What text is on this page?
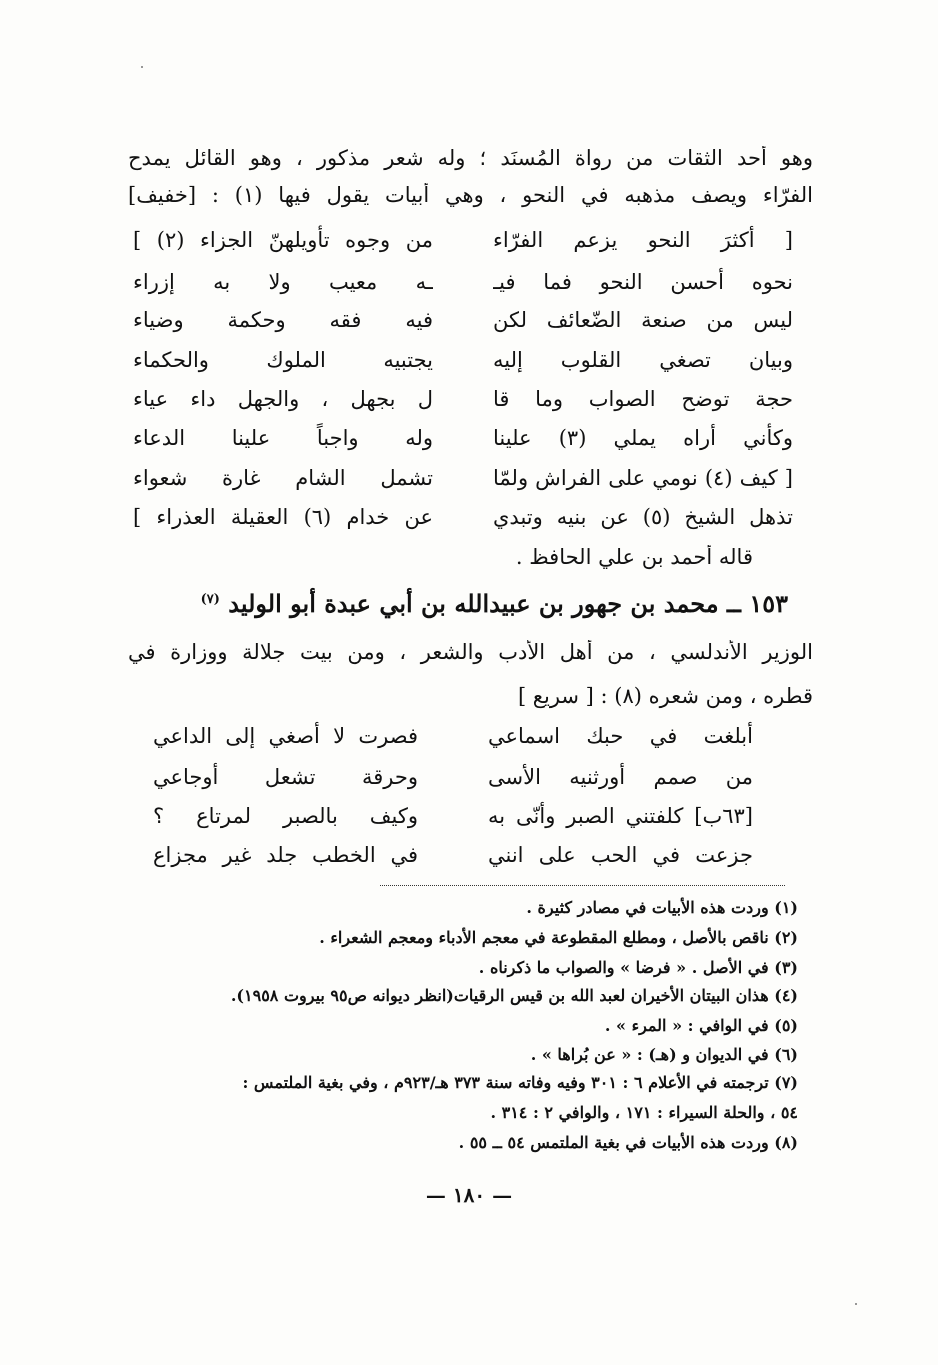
وهو أحد الثقات من رواة المُسنَد ؛ وله شعر مذكور ، وهو القائل يمدح
الفرّاء ويصف مذهبه في النحو ، وهي أبيات يقول فيها (١) : [خفيف]
[ أكثرَ النحو يزعم الفرّاء
من وجوه تأويلهنّ الجزاء (٢) ]
نحوه أحسن النحو فما فيـ
ـه معيب ولا به إزراء
ليس من صنعة الضّعائف لكن
فيه فقه وحكمة وضياء
وبيان تصغي القلوب إليه
يجتبيه الملوك والحكماء
حجة توضح الصواب وما قا
ل بجهل ، والجهل داء عياء
وكأني أراه يملي (٣) علينا
وله واجباً علينا الدعاء
[ كيف (٤) نومي على الفراش ولمّا
تشمل الشام غارة شعواء
تذهل الشيخ (٥) عن بنيه وتبدي
عن خدام (٦) العقيلة العذراء ]
قاله أحمد بن علي الحافظ .
١٥٣ ــ محمد بن جهور بن عبيدالله بن أبي عبدة أبو الوليد $^{(٧)}$
الوزير الأندلسي ، من أهل الأدب والشعر ، ومن بيت جلالة ووزارة في
قطره ، ومن شعره (٨) : [ سريع ]
أبلغت في حبك اسماعي
فصرت لا أصغي إلى الداعي
من صمم أورثنيه الأسى
وحرقة تشعل أوجاعي
[٦٣ب] كلفتني الصبر وأنّى به
وكيف بالصبر لمرتاع ؟
جزعت في الحب على انني
في الخطب جلد غير مجزاع
(١) وردت هذه الأبيات في مصادر كثيرة .
(٢) ناقص بالأصل ، ومطلع المقطوعة في معجم الأدباء ومعجم الشعراء .
(٣) في الأصل . « فرضا » والصواب ما ذكرناه .
(٤) هذان البيتان الأخيران لعبد الله بن قيس الرقيات(انظر ديوانه ص٩٥ بيروت ١٩٥٨).
(٥) في الوافي : « المرء » .
(٦) في الديوان و (هـ) : « عن بُراها » .
(٧) ترجمته في الأعلام ٦ : ٣٠١ وفيه وفاته سنة ٣٧٣ هـ/٩٢٣م ، وفي بغية الملتمس :
٥٤ ، والحلة السيراء : ١٧١ ، والوافي ٢ : ٣١٤ .
(٨) وردت هذه الأبيات في بغية الملتمس ٥٤ ــ ٥٥ .
— ١٨٠ —
